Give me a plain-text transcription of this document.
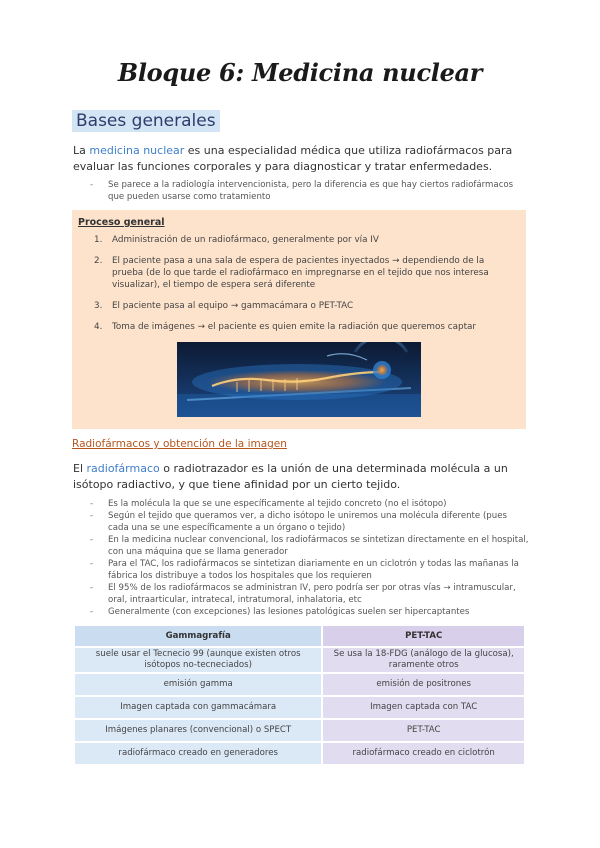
Bloque 6: Medicina nuclear
Bases generales
La medicina nuclear es una especialidad médica que utiliza radiofármacos para evaluar las funciones corporales y para diagnosticar y tratar enfermedades.
- Se parece a la radiología intervencionista, pero la diferencia es que hay ciertos radiofármacos que pueden usarse como tratamiento
Proceso general
1. Administración de un radiofármaco, generalmente por vía IV
2. El paciente pasa a una sala de espera de pacientes inyectados → dependiendo de la prueba (de lo que tarde el radiofármaco en impregnarse en el tejido que nos interesa visualizar), el tiempo de espera será diferente
3. El paciente pasa al equipo → gammacámara o PET-TAC
4. Toma de imágenes → el paciente es quien emite la radiación que queremos captar
Radiofármacos y obtención de la imagen
El radiofármaco o radiotrazador es la unión de una determinada molécula a un isótopo radiactivo, y que tiene afinidad por un cierto tejido.
- Es la molécula la que se une específicamente al tejido concreto (no el isótopo)
- Según el tejido que queramos ver, a dicho isótopo le uniremos una molécula diferente (pues cada una se une específicamente a un órgano o tejido)
- En la medicina nuclear convencional, los radiofármacos se sintetizan directamente en el hospital, con una máquina que se llama generador
- Para el TAC, los radiofármacos se sintetizan diariamente en un ciclotrón y todas las mañanas la fábrica los distribuye a todos los hospitales que los requieren
- El 95% de los radiofármacos se administran IV, pero podría ser por otras vías → intramuscular, oral, intraarticular, intratecal, intratumoral, inhalatoria, etc
- Generalmente (con excepciones) las lesiones patológicas suelen ser hipercaptantes
Gammagrafía	PET-TAC
suele usar el Tecnecio 99 (aunque existen otros isótopos no-tecneciados)	Se usa la 18-FDG (análogo de la glucosa), raramente otros
emisión gamma	emisión de positrones
Imagen captada con gammacámara	Imagen captada con TAC
Imágenes planares (convencional) o SPECT	PET-TAC
radiofármaco creado en generadores	radiofármaco creado en ciclotrón
